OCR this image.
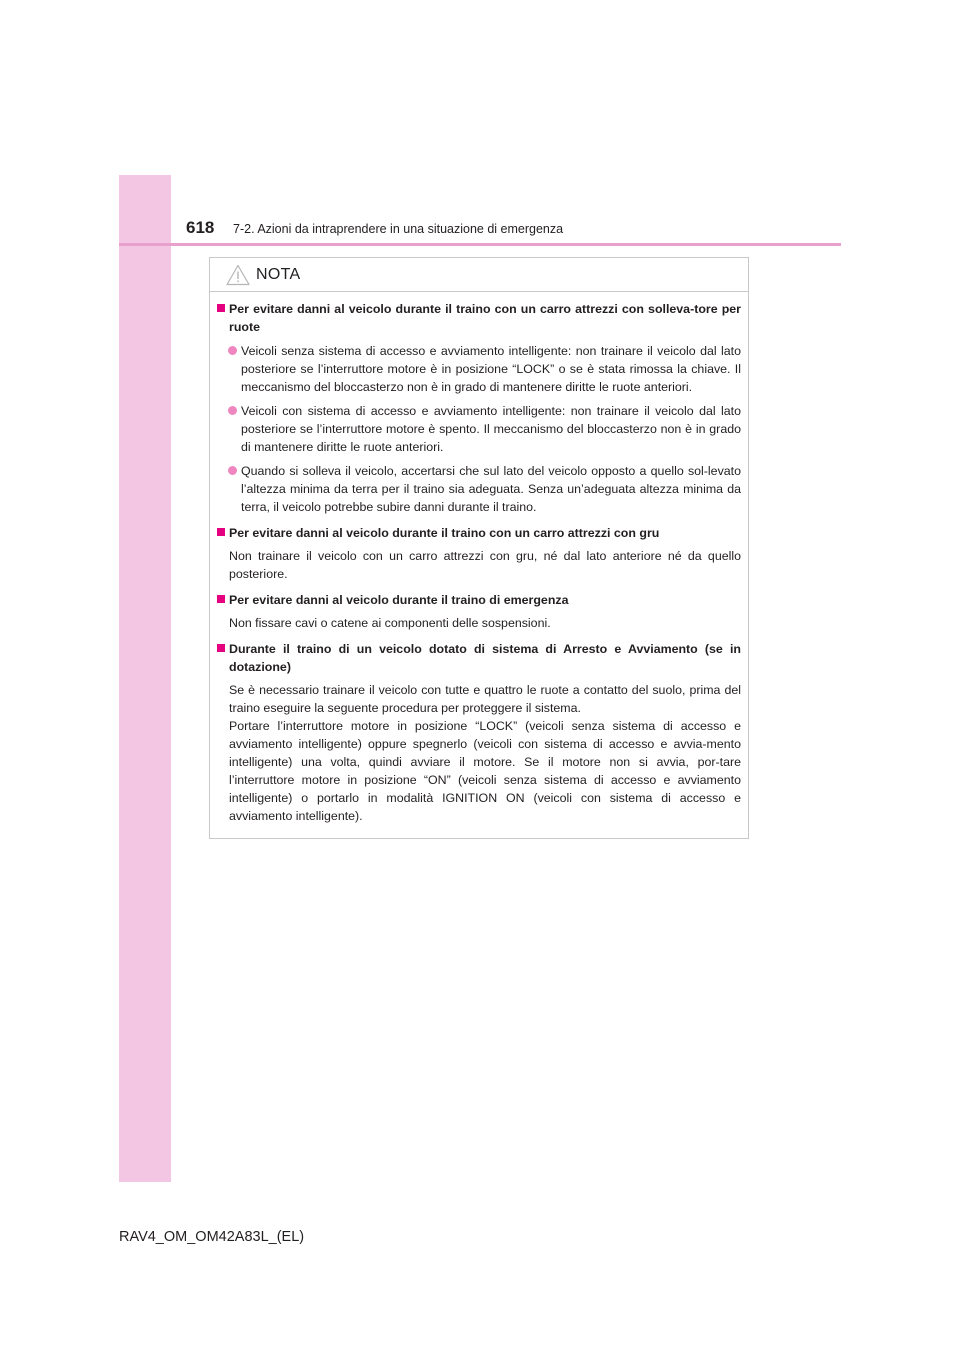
618 7-2. Azioni da intraprendere in una situazione di emergenza
NOTA
Per evitare danni al veicolo durante il traino con un carro attrezzi con solleva-tore per ruote
Veicoli senza sistema di accesso e avviamento intelligente: non trainare il veicolo dal lato posteriore se l’interruttore motore è in posizione “LOCK” o se è stata rimossa la chiave. Il meccanismo del bloccasterzo non è in grado di mantenere diritte le ruote anteriori.
Veicoli con sistema di accesso e avviamento intelligente: non trainare il veicolo dal lato posteriore se l’interruttore motore è spento. Il meccanismo del bloccasterzo non è in grado di mantenere diritte le ruote anteriori.
Quando si solleva il veicolo, accertarsi che sul lato del veicolo opposto a quello sol-levato l’altezza minima da terra per il traino sia adeguata. Senza un’adeguata altezza minima da terra, il veicolo potrebbe subire danni durante il traino.
Per evitare danni al veicolo durante il traino con un carro attrezzi con gru
Non trainare il veicolo con un carro attrezzi con gru, né dal lato anteriore né da quello posteriore.
Per evitare danni al veicolo durante il traino di emergenza
Non fissare cavi o catene ai componenti delle sospensioni.
Durante il traino di un veicolo dotato di sistema di Arresto e Avviamento (se in dotazione)
Se è necessario trainare il veicolo con tutte e quattro le ruote a contatto del suolo, prima del traino eseguire la seguente procedura per proteggere il sistema.
Portare l’interruttore motore in posizione “LOCK” (veicoli senza sistema di accesso e avviamento intelligente) oppure spegnerlo (veicoli con sistema di accesso e avvia-mento intelligente) una volta, quindi avviare il motore. Se il motore non si avvia, por-tare l’interruttore motore in posizione “ON” (veicoli senza sistema di accesso e avviamento intelligente) o portarlo in modalità IGNITION ON (veicoli con sistema di accesso e avviamento intelligente).
RAV4_OM_OM42A83L_(EL)
